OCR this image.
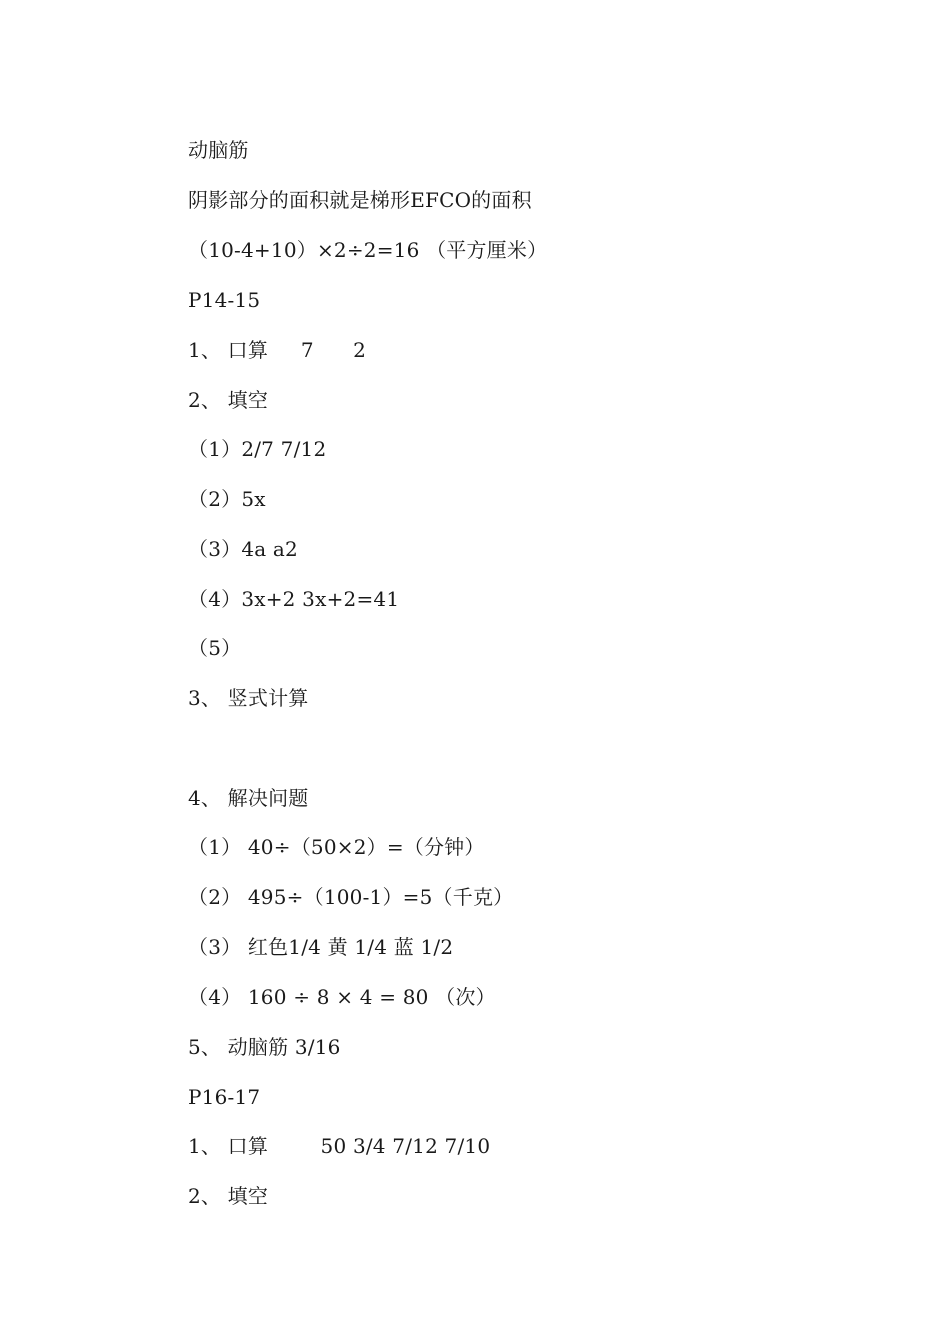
动脑筋
阴影部分的面积就是梯形EFCO的面积
（10-4+10）×2÷2=16 （平方厘米）
P14-15
1、 口算     7      2
2、 填空
（1）2/7 7/12
（2）5x
（3）4a a2
（4）3x+2 3x+2=41
（5）
3、 竖式计算
4、 解决问题
（1） 40÷（50×2）=（分钟）
（2） 495÷（100-1）=5（千克）
（3） 红色1/4 黄 1/4 蓝 1/2
（4） 160 ÷ 8 × 4 = 80 （次）
5、 动脑筋 3/16
P16-17
1、 口算        50 3/4 7/12 7/10
2、 填空
